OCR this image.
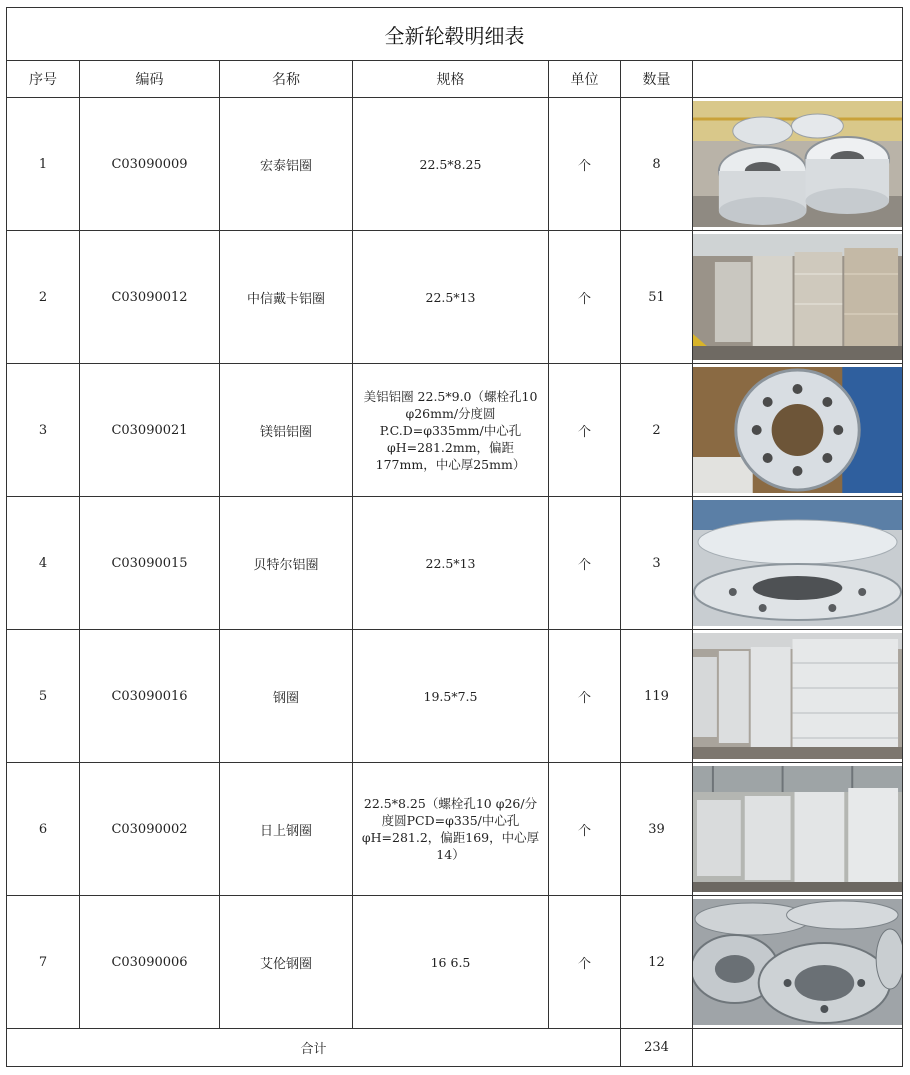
全新轮毂明细表						
序号	编码	名称	规格	单位	数量	
1	C03090009	宏泰铝圈	22.5*8.25	个	8	

2	C03090012	中信戴卡铝圈	22.5*13	个	51	

3	C03090021	镁铝铝圈	美铝铝圈 22.5*9.0（螺栓孔10 φ26mm/分度圆P.C.D=φ335mm/中心孔φH=281.2mm，偏距177mm，中心厚25mm）	个	2	

4	C03090015	贝特尔铝圈	22.5*13	个	3	

5	C03090016	钢圈	19.5*7.5	个	119	

6	C03090002	日上钢圈	22.5*8.25（螺栓孔10 φ26/分度圆PCD=φ335/中心孔φH=281.2，偏距169，中心厚14）	个	39	

7	C03090006	艾伦钢圈	16 6.5	个	12	

合计					234	
